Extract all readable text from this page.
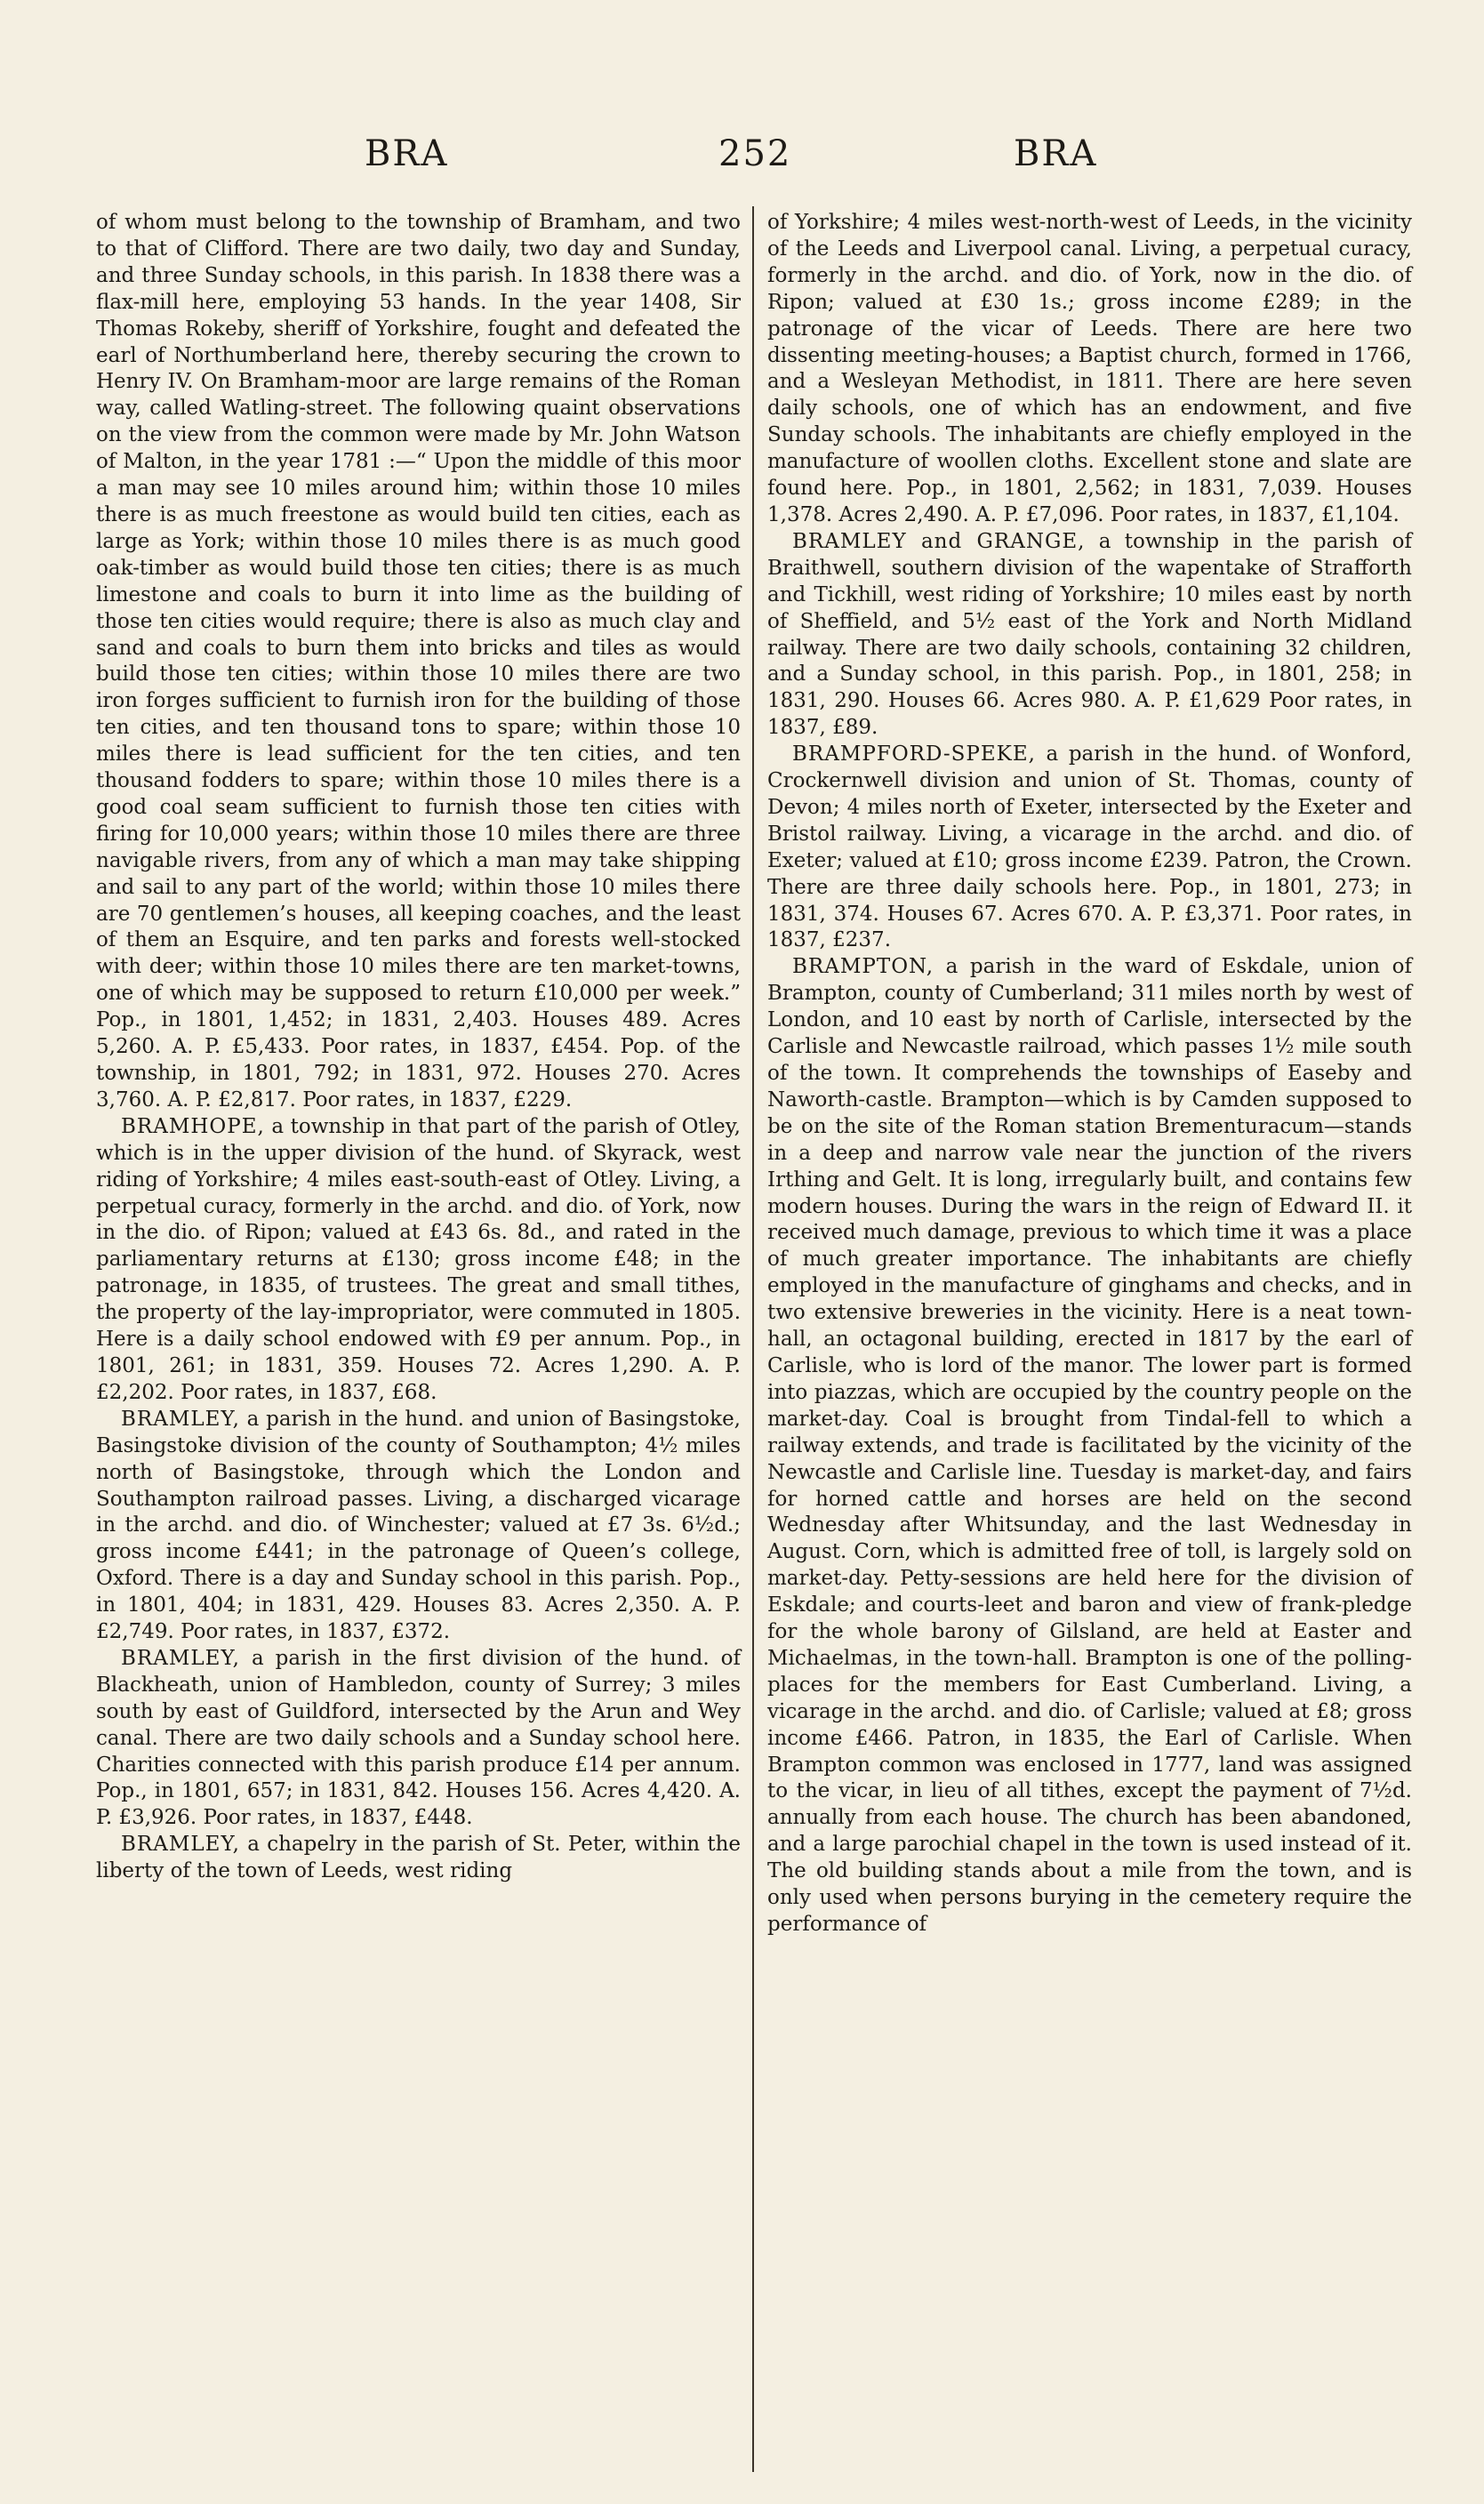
BRA	252	BRA

of whom must belong to the township of Bramham, and two to that of Clifford. There are two daily, two day and Sunday, and three Sunday schools, in this parish. In 1838 there was a flax-mill here, employing 53 hands. In the year 1408, Sir Thomas Rokeby, sheriff of Yorkshire, fought and defeated the earl of Northumberland here, thereby securing the crown to Henry IV. On Bramham-moor are large remains of the Roman way, called Watling-street. The following quaint observations on the view from the common were made by Mr. John Watson of Malton, in the year 1781 :—“ Upon the middle of this moor a man may see 10 miles around him; within those 10 miles there is as much freestone as would build ten cities, each as large as York; within those 10 miles there is as much good oak-timber as would build those ten cities; there is as much limestone and coals to burn it into lime as the building of those ten cities would require; there is also as much clay and sand and coals to burn them into bricks and tiles as would build those ten cities; within those 10 miles there are two iron forges sufficient to furnish iron for the building of those ten cities, and ten thousand tons to spare; within those 10 miles there is lead sufficient for the ten cities, and ten thousand fodders to spare; within those 10 miles there is a good coal seam sufficient to furnish those ten cities with firing for 10,000 years; within those 10 miles there are three navigable rivers, from any of which a man may take shipping and sail to any part of the world; within those 10 miles there are 70 gentlemen’s houses, all keeping coaches, and the least of them an Esquire, and ten parks and forests well-stocked with deer; within those 10 miles there are ten market-towns, one of which may be supposed to return £10,000 per week.” Pop., in 1801, 1,452; in 1831, 2,403. Houses 489. Acres 5,260. A. P. £5,433. Poor rates, in 1837, £454. Pop. of the township, in 1801, 792; in 1831, 972. Houses 270. Acres 3,760. A. P. £2,817. Poor rates, in 1837, £229.

BRAMHOPE, a township in that part of the parish of Otley, which is in the upper division of the hund. of Skyrack, west riding of Yorkshire; 4 miles east-south-east of Otley. Living, a perpetual curacy, formerly in the archd. and dio. of York, now in the dio. of Ripon; valued at £43 6s. 8d., and rated in the parliamentary returns at £130; gross income £48; in the patronage, in 1835, of trustees. The great and small tithes, the property of the lay-impropriator, were commuted in 1805. Here is a daily school endowed with £9 per annum. Pop., in 1801, 261; in 1831, 359. Houses 72. Acres 1,290. A. P. £2,202. Poor rates, in 1837, £68.

BRAMLEY, a parish in the hund. and union of Basingstoke, Basingstoke division of the county of Southampton; 4½ miles north of Basingstoke, through which the London and Southampton railroad passes. Living, a discharged vicarage in the archd. and dio. of Winchester; valued at £7 3s. 6½d.; gross income £441; in the patronage of Queen’s college, Oxford. There is a day and Sunday school in this parish. Pop., in 1801, 404; in 1831, 429. Houses 83. Acres 2,350. A. P. £2,749. Poor rates, in 1837, £372.

BRAMLEY, a parish in the first division of the hund. of Blackheath, union of Hambledon, county of Surrey; 3 miles south by east of Guildford, intersected by the Arun and Wey canal. There are two daily schools and a Sunday school here. Charities connected with this parish produce £14 per annum. Pop., in 1801, 657; in 1831, 842. Houses 156. Acres 4,420. A. P. £3,926. Poor rates, in 1837, £448.

BRAMLEY, a chapelry in the parish of St. Peter, within the liberty of the town of Leeds, west riding

of Yorkshire; 4 miles west-north-west of Leeds, in the vicinity of the Leeds and Liverpool canal. Living, a perpetual curacy, formerly in the archd. and dio. of York, now in the dio. of Ripon; valued at £30 1s.; gross income £289; in the patronage of the vicar of Leeds. There are here two dissenting meeting-houses; a Baptist church, formed in 1766, and a Wesleyan Methodist, in 1811. There are here seven daily schools, one of which has an endowment, and five Sunday schools. The inhabitants are chiefly employed in the manufacture of woollen cloths. Excellent stone and slate are found here. Pop., in 1801, 2,562; in 1831, 7,039. Houses 1,378. Acres 2,490. A. P. £7,096. Poor rates, in 1837, £1,104.

BRAMLEY and GRANGE, a township in the parish of Braithwell, southern division of the wapentake of Strafforth and Tickhill, west riding of Yorkshire; 10 miles east by north of Sheffield, and 5½ east of the York and North Midland railway. There are two daily schools, containing 32 children, and a Sunday school, in this parish. Pop., in 1801, 258; in 1831, 290. Houses 66. Acres 980. A. P. £1,629 Poor rates, in 1837, £89.

BRAMPFORD-SPEKE, a parish in the hund. of Wonford, Crockernwell division and union of St. Thomas, county of Devon; 4 miles north of Exeter, intersected by the Exeter and Bristol railway. Living, a vicarage in the archd. and dio. of Exeter; valued at £10; gross income £239. Patron, the Crown. There are three daily schools here. Pop., in 1801, 273; in 1831, 374. Houses 67. Acres 670. A. P. £3,371. Poor rates, in 1837, £237.

BRAMPTON, a parish in the ward of Eskdale, union of Brampton, county of Cumberland; 311 miles north by west of London, and 10 east by north of Carlisle, intersected by the Carlisle and Newcastle railroad, which passes 1½ mile south of the town. It comprehends the townships of Easeby and Naworth-castle. Brampton—which is by Camden supposed to be on the site of the Roman station Brementuracum—stands in a deep and narrow vale near the junction of the rivers Irthing and Gelt. It is long, irregularly built, and contains few modern houses. During the wars in the reign of Edward II. it received much damage, previous to which time it was a place of much greater importance. The inhabitants are chiefly employed in the manufacture of ginghams and checks, and in two extensive breweries in the vicinity. Here is a neat town-hall, an octagonal building, erected in 1817 by the earl of Carlisle, who is lord of the manor. The lower part is formed into piazzas, which are occupied by the country people on the market-day. Coal is brought from Tindal-fell to which a railway extends, and trade is facilitated by the vicinity of the Newcastle and Carlisle line. Tuesday is market-day, and fairs for horned cattle and horses are held on the second Wednesday after Whitsunday, and the last Wednesday in August. Corn, which is admitted free of toll, is largely sold on market-day. Petty-sessions are held here for the division of Eskdale; and courts-leet and baron and view of frank-pledge for the whole barony of Gilsland, are held at Easter and Michaelmas, in the town-hall. Brampton is one of the polling-places for the members for East Cumberland. Living, a vicarage in the archd. and dio. of Carlisle; valued at £8; gross income £466. Patron, in 1835, the Earl of Carlisle. When Brampton common was enclosed in 1777, land was assigned to the vicar, in lieu of all tithes, except the payment of 7½d. annually from each house. The church has been abandoned, and a large parochial chapel in the town is used instead of it. The old building stands about a mile from the town, and is only used when persons burying in the cemetery require the performance of
